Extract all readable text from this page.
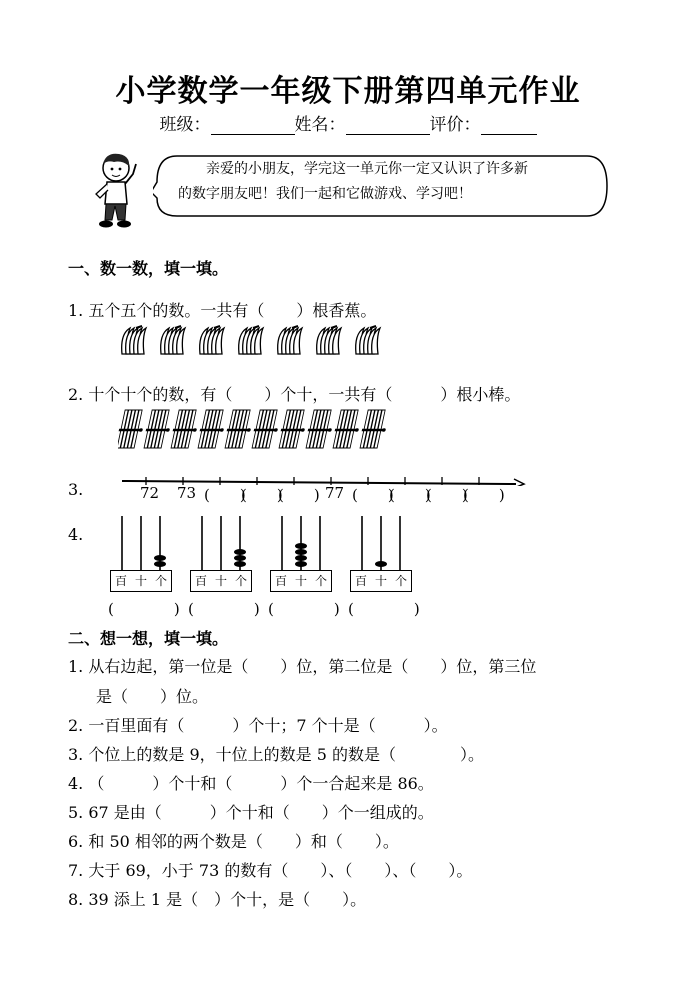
小学数学一年级下册第四单元作业
班级：	姓名：	评价：
亲爱的小朋友，学完这一单元你一定又认识了许多新
的数字朋友吧！我们一起和它做游戏、学习吧！
一、数一数，填一填。
1. 五个五个的数。一共有（　　）根香蕉。
2. 十个十个的数，有（　　）个十，一共有（　　　）根小棒。
3.	72 73 (　　)
(　　)
(　　) 77 (　　)
(　　)
(　　)
(　　)
4.
百 十 个
(　　　　)
百 十 个
(　　　　)
百 十 个
(　　　　)
百 十 个
(　　　　)
二、想一想，填一填。
1. 从右边起，第一位是（　　）位，第二位是（　　）位，第三位
是（　　）位。
2. 一百里面有（　　　）个十；7 个十是（　　　）。
3. 个位上的数是 9，十位上的数是 5 的数是（　　　　）。
4. （　　　）个十和（　　　）个一合起来是 86。
5. 67 是由（　　　）个十和（　　）个一组成的。
6. 和 50 相邻的两个数是（　　）和（　　）。
7. 大于 69，小于 73 的数有（　　）、（　　）、（　　）。
8. 39 添上 1 是（　）个十，是（　　）。
